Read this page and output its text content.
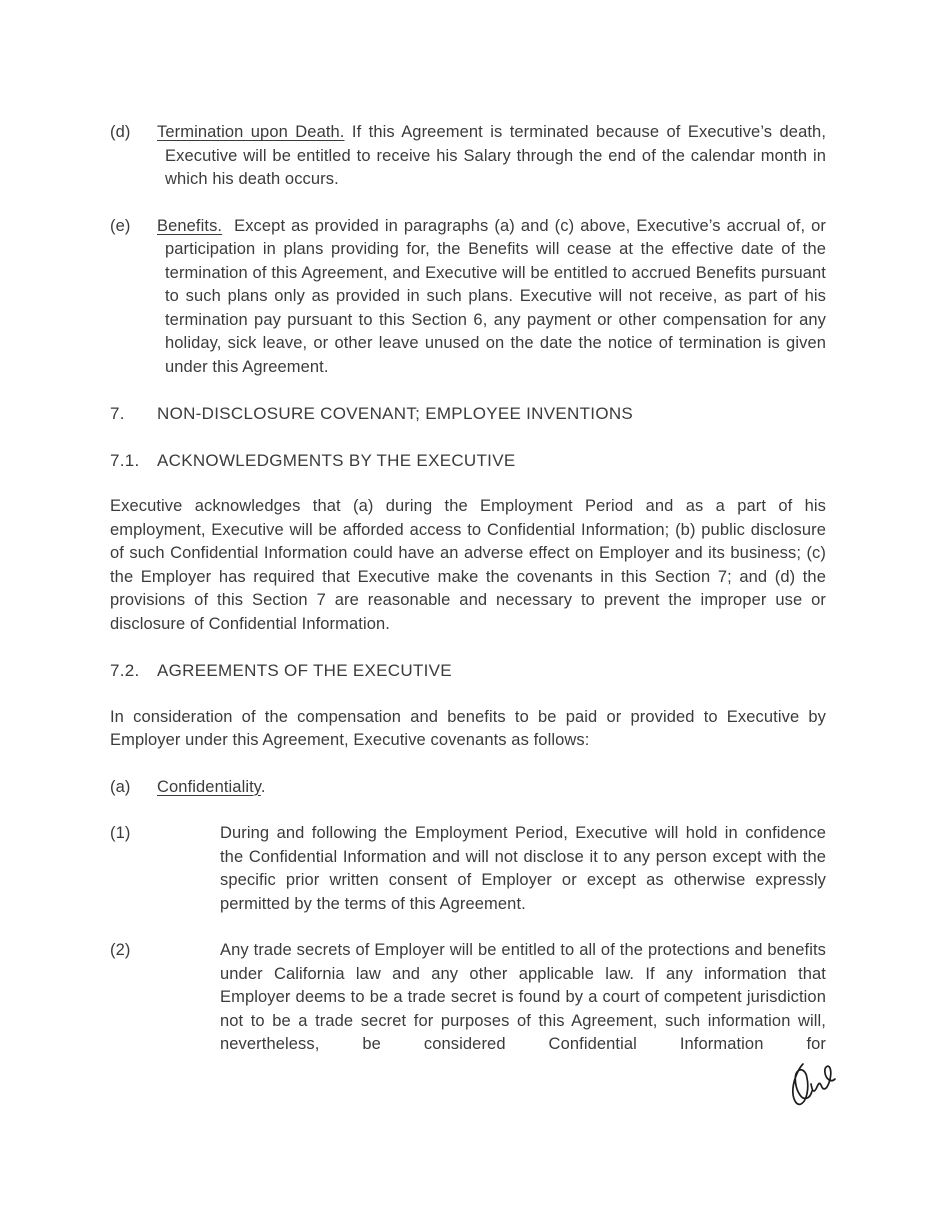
(d) Termination upon Death. If this Agreement is terminated because of Executive’s death, Executive will be entitled to receive his Salary through the end of the calendar month in which his death occurs.
(e) Benefits.  Except as provided in paragraphs (a) and (c) above, Executive’s accrual of, or participation in plans providing for, the Benefits will cease at the effective date of the termination of this Agreement, and Executive will be entitled to accrued Benefits pursuant to such plans only as provided in such plans. Executive will not receive, as part of his termination pay pursuant to this Section 6, any payment or other compensation for any holiday, sick leave, or other leave unused on the date the notice of termination is given under this Agreement.
7. NON-DISCLOSURE COVENANT; EMPLOYEE INVENTIONS
7.1. ACKNOWLEDGMENTS BY THE EXECUTIVE
Executive acknowledges that (a) during the Employment Period and as a part of his employment, Executive will be afforded access to Confidential Information; (b) public disclosure of such Confidential Information could have an adverse effect on Employer and its business; (c) the Employer has required that Executive make the covenants in this Section 7; and (d) the provisions of this Section 7 are reasonable and necessary to prevent the improper use or disclosure of Confidential Information.
7.2. AGREEMENTS OF THE EXECUTIVE
In consideration of the compensation and benefits to be paid or provided to Executive by Employer under this Agreement, Executive covenants as follows:
(a) Confidentiality.
(1)	During and following the Employment Period, Executive will hold in confidence the Confidential Information and will not disclose it to any person except with the specific prior written consent of Employer or except as otherwise expressly permitted by the terms of this Agreement.
(2)	Any trade secrets of Employer will be entitled to all of the protections and benefits under California law and any other applicable law. If any information that Employer deems to be a trade secret is found by a court of competent jurisdiction not to be a trade secret for purposes of this Agreement, such information will, nevertheless, be considered Confidential Information for
